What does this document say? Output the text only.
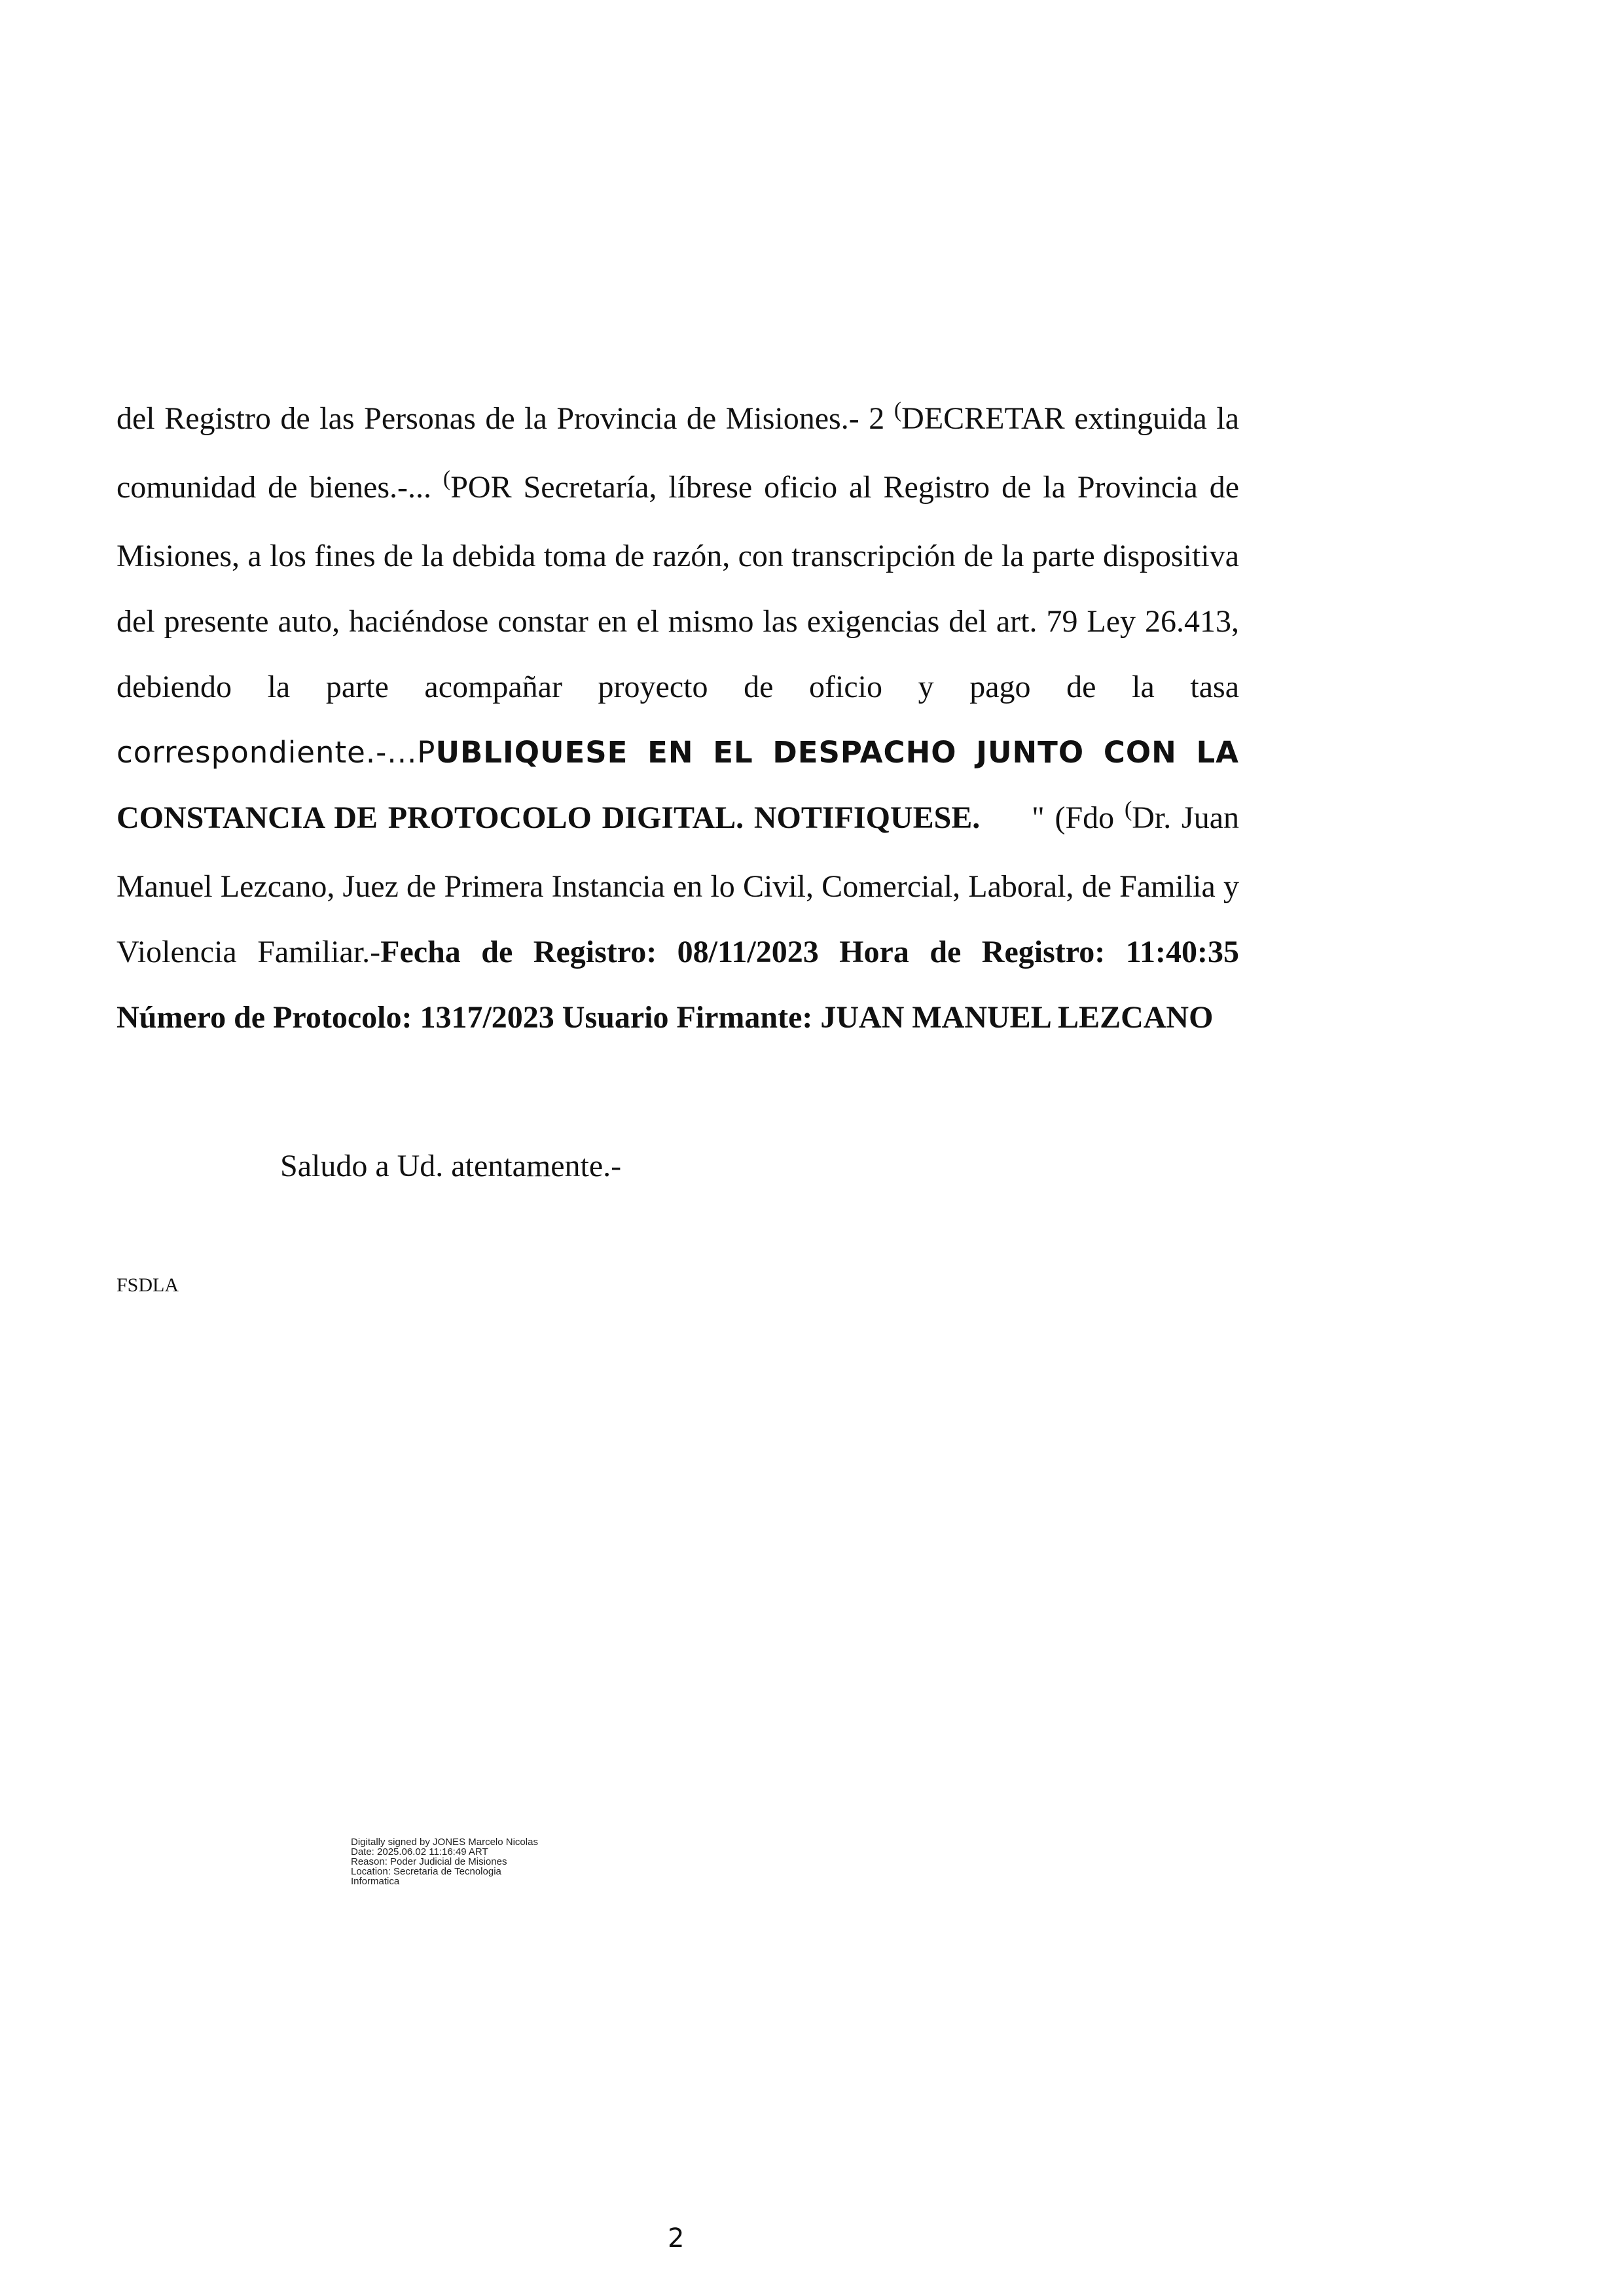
del Registro de las Personas de la Provincia de Misiones.- 2 (DECRETAR extinguida la comunidad de bienes.-... (POR Secretaría, líbrese oficio al Registro de la Provincia de Misiones, a los fines de la debida toma de razón, con transcripción de la parte dispositiva del presente auto, haciéndose constar en el mismo las exigencias del art. 79 Ley 26.413, debiendo la parte acompañar proyecto de oficio y pago de la tasa correspondiente.-...PUBLIQUESE EN EL DESPACHO JUNTO CON LA CONSTANCIA DE PROTOCOLO DIGITAL. NOTIFIQUESE.     " (Fdo (Dr. Juan Manuel Lezcano, Juez de Primera Instancia en lo Civil, Comercial, Laboral, de Familia y Violencia Familiar.-Fecha de Registro: 08/11/2023 Hora de Registro: 11:40:35 Número de Protocolo: 1317/2023 Usuario Firmante: JUAN MANUEL LEZCANO

Saludo a Ud. atentamente.-
FSDLA
Digitally signed by JONES Marcelo Nicolas
Date: 2025.06.02 11:16:49 ART
Reason: Poder Judicial de Misiones
Location: Secretaria de Tecnologia
Informatica
2
